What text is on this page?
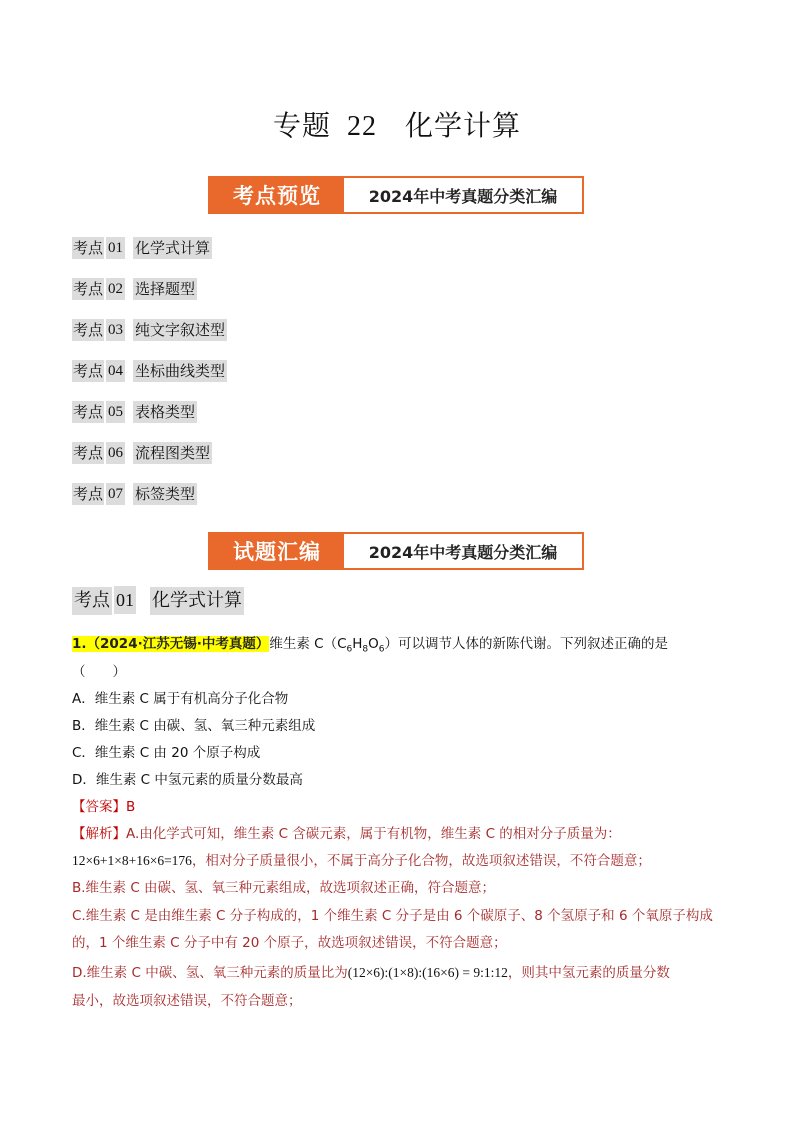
专题 22 化学计算
考点预览	2024年中考真题分类汇编
考点 01 化学式计算
考点 02 选择题型
考点 03 纯文字叙述型
考点 04 坐标曲线类型
考点 05 表格类型
考点 06 流程图类型
考点 07 标签类型
试题汇编	2024年中考真题分类汇编
考点 01 化学式计算
1.（2024·江苏无锡·中考真题）维生素 $C(C_6H_8O_6)$可以调节人体的新陈代谢。下列叙述正确的是
（　　）
A．维生素 C 属于有机高分子化合物
B．维生素 C 由碳、氢、氧三种元素组成
C．维生素 C 由 20 个原子构成
D．维生素 C 中氢元素的质量分数最高
【答案】B
【解析】A.由化学式可知，维生素 C 含碳元素，属于有机物，维生素 C 的相对分子质量为：
12×6+1×8+16×6=176，相对分子质量很小，不属于高分子化合物，故选项叙述错误，不符合题意；
B.维生素 C 由碳、氢、氧三种元素组成，故选项叙述正确，符合题意；
C.维生素 C 是由维生素 C 分子构成的，1 个维生素 C 分子是由 6 个碳原子、8 个氢原子和 6 个氧原子构成
的，1 个维生素 C 分子中有 20 个原子，故选项叙述错误，不符合题意；
D.维生素 C 中碳、氢、氧三种元素的质量比为(12×6):(1×8):(16×6) = 9:1:12，则其中氢元素的质量分数
最小，故选项叙述错误，不符合题意；
